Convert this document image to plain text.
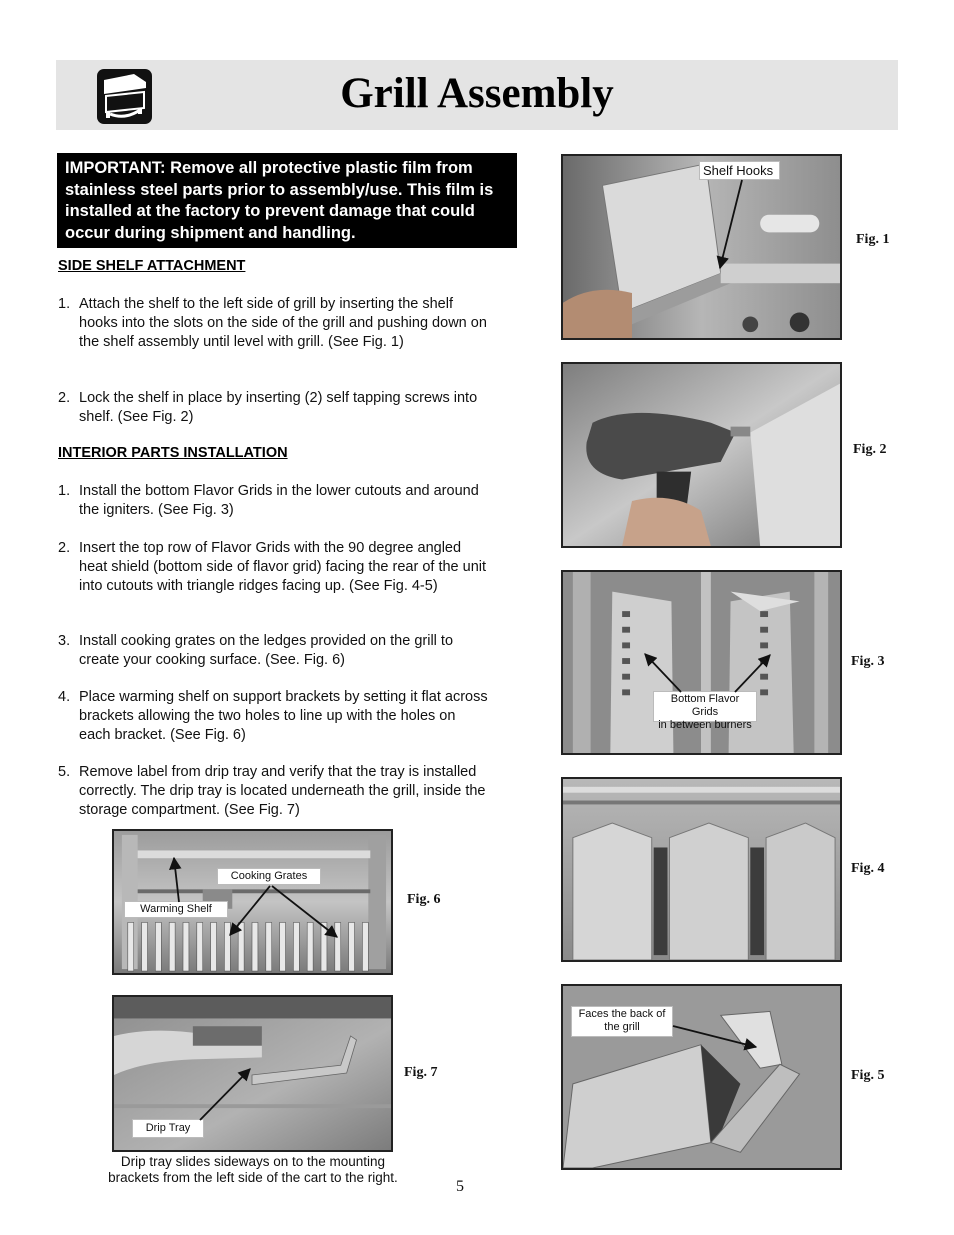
Grill Assembly
IMPORTANT: Remove all protective plastic film from stainless steel parts prior to assembly/use. This film is installed at the factory to prevent damage that could occur during shipment and handling.
SIDE SHELF ATTACHMENT
1. Attach the shelf to the left side of grill by inserting the shelf hooks into the slots on the side of the grill and pushing down on the shelf assembly until level with grill. (See Fig. 1)
2. Lock the shelf in place by inserting (2) self tapping screws into shelf. (See Fig. 2)
INTERIOR PARTS INSTALLATION
1. Install the bottom Flavor Grids in the lower cutouts and around the igniters. (See Fig. 3)
2. Insert the top row of Flavor Grids with the 90 degree angled heat shield (bottom side of flavor grid) facing the rear of the unit into cutouts with triangle ridges facing up. (See Fig. 4-5)
3. Install cooking grates on the ledges provided on the grill to create your cooking surface. (See. Fig. 6)
4. Place warming shelf on support brackets by setting it flat across brackets allowing the two holes to line up with the holes on each bracket. (See Fig. 6)
5. Remove label from drip tray and verify that the tray is installed correctly. The drip tray is located underneath the grill, inside the storage compartment. (See Fig. 7)
Cooking Grates
Warming Shelf
Fig. 6
Drip Tray
Fig. 7
Drip tray slides sideways on to the mounting brackets from the left side of the cart to the right.
5
Shelf Hooks
Fig. 1
Fig. 2
Bottom Flavor Grids
in between burners
Fig. 3
Fig. 4
Faces the back of
the grill
Fig. 5
